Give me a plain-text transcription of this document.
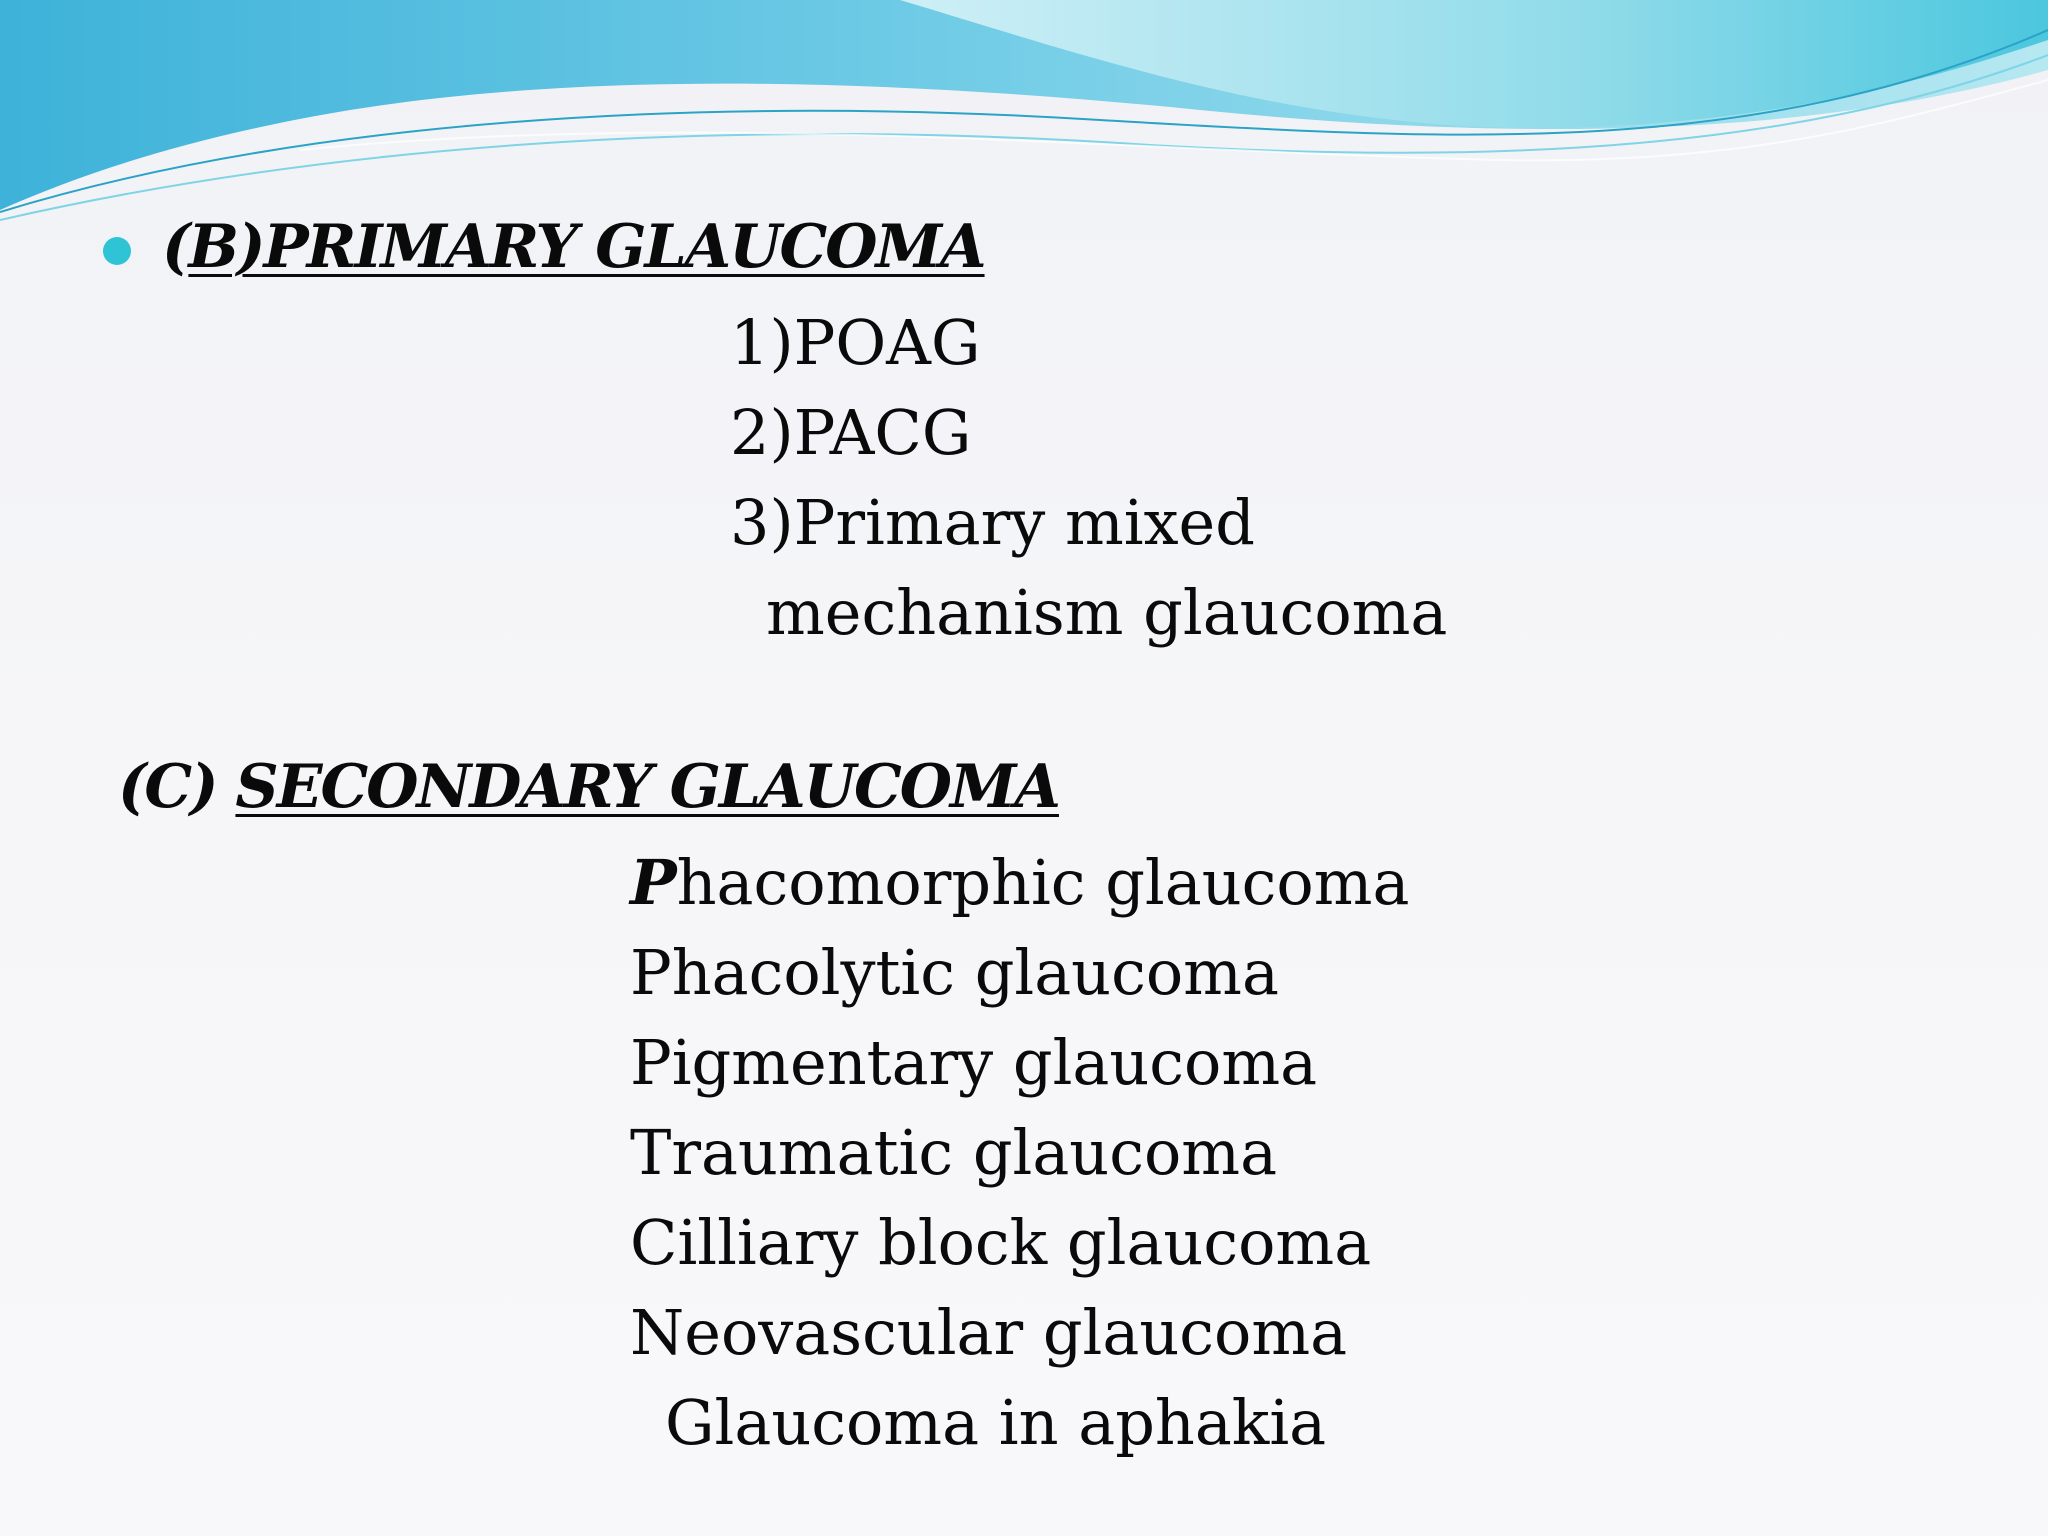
(B)PRIMARY GLAUCOMA
1)POAG
2)PACG
3)Primary mixed
mechanism glaucoma
(C) SECONDARY GLAUCOMA
Phacomorphic glaucoma
Phacolytic glaucoma
Pigmentary glaucoma
Traumatic glaucoma
Cilliary block glaucoma
Neovascular glaucoma
Glaucoma in aphakia
